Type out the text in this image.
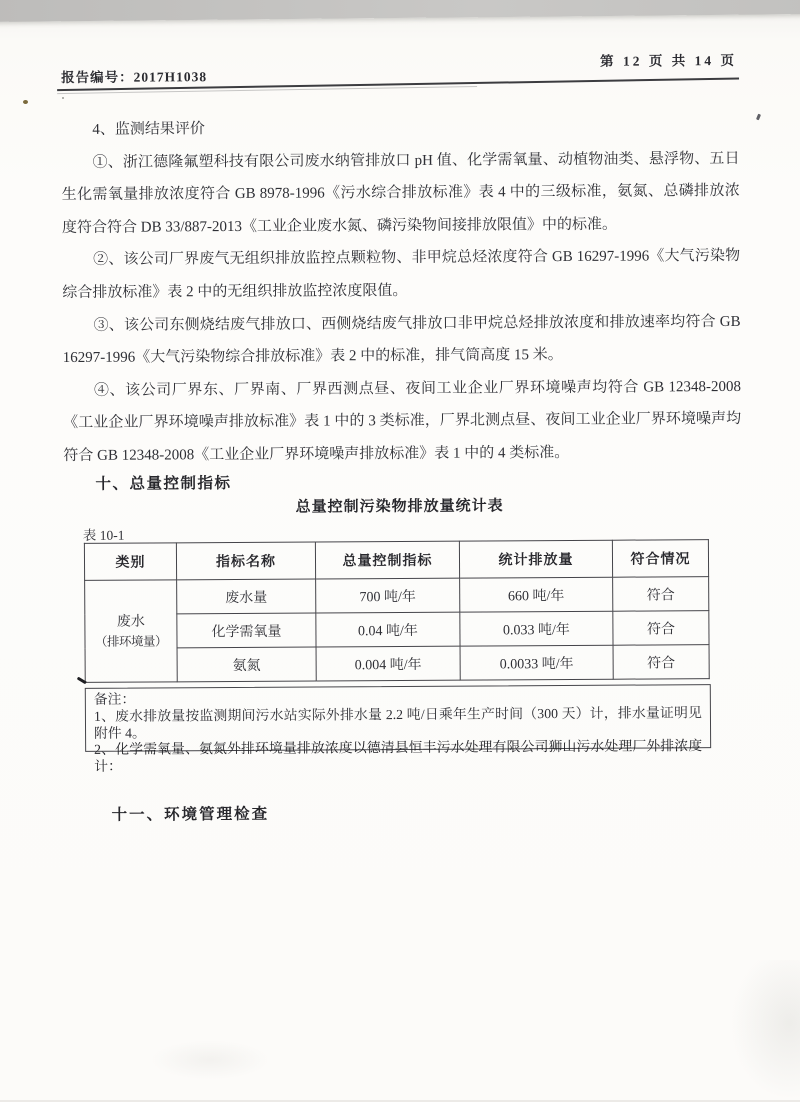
报告编号：2017H1038
第 12 页 共 14 页

4、监测结果评价

①、浙江德隆氟塑科技有限公司废水纳管排放口 pH 值、化学需氧量、动植物油类、悬浮物、五日生化需氧量排放浓度符合 GB 8978-1996《污水综合排放标准》表 4 中的三级标准，氨氮、总磷排放浓度符合符合 DB 33/887-2013《工业企业废水氮、磷污染物间接排放限值》中的标准。

②、该公司厂界废气无组织排放监控点颗粒物、非甲烷总烃浓度符合 GB 16297-1996《大气污染物综合排放标准》表 2 中的无组织排放监控浓度限值。

③、该公司东侧烧结废气排放口、西侧烧结废气排放口非甲烷总烃排放浓度和排放速率均符合 GB 16297-1996《大气污染物综合排放标准》表 2 中的标准，排气筒高度 15 米。

④、该公司厂界东、厂界南、厂界西测点昼、夜间工业企业厂界环境噪声均符合 GB 12348-2008《工业企业厂界环境噪声排放标准》表 1 中的 3 类标准，厂界北测点昼、夜间工业企业厂界环境噪声均符合 GB 12348-2008《工业企业厂界环境噪声排放标准》表 1 中的 4 类标准。

十、总量控制指标
总量控制污染物排放量统计表
表 10-1
类别	指标名称	总量控制指标	统计排放量	符合情况

废水
（排环境量）	废水量	700 吨/年	660 吨/年	符合
	化学需氧量	0.04 吨/年	0.033 吨/年	符合
	氨氮	0.004 吨/年	0.0033 吨/年	符合

备注：

1、废水排放量按监测期间污水站实际外排水量 2.2 吨/日乘年生产时间（300 天）计，排水量证明见附件 4。

2、化学需氧量、氨氮外排环境量排放浓度以德清县恒丰污水处理有限公司狮山污水处理厂外排浓度计：

十一、环境管理检查
